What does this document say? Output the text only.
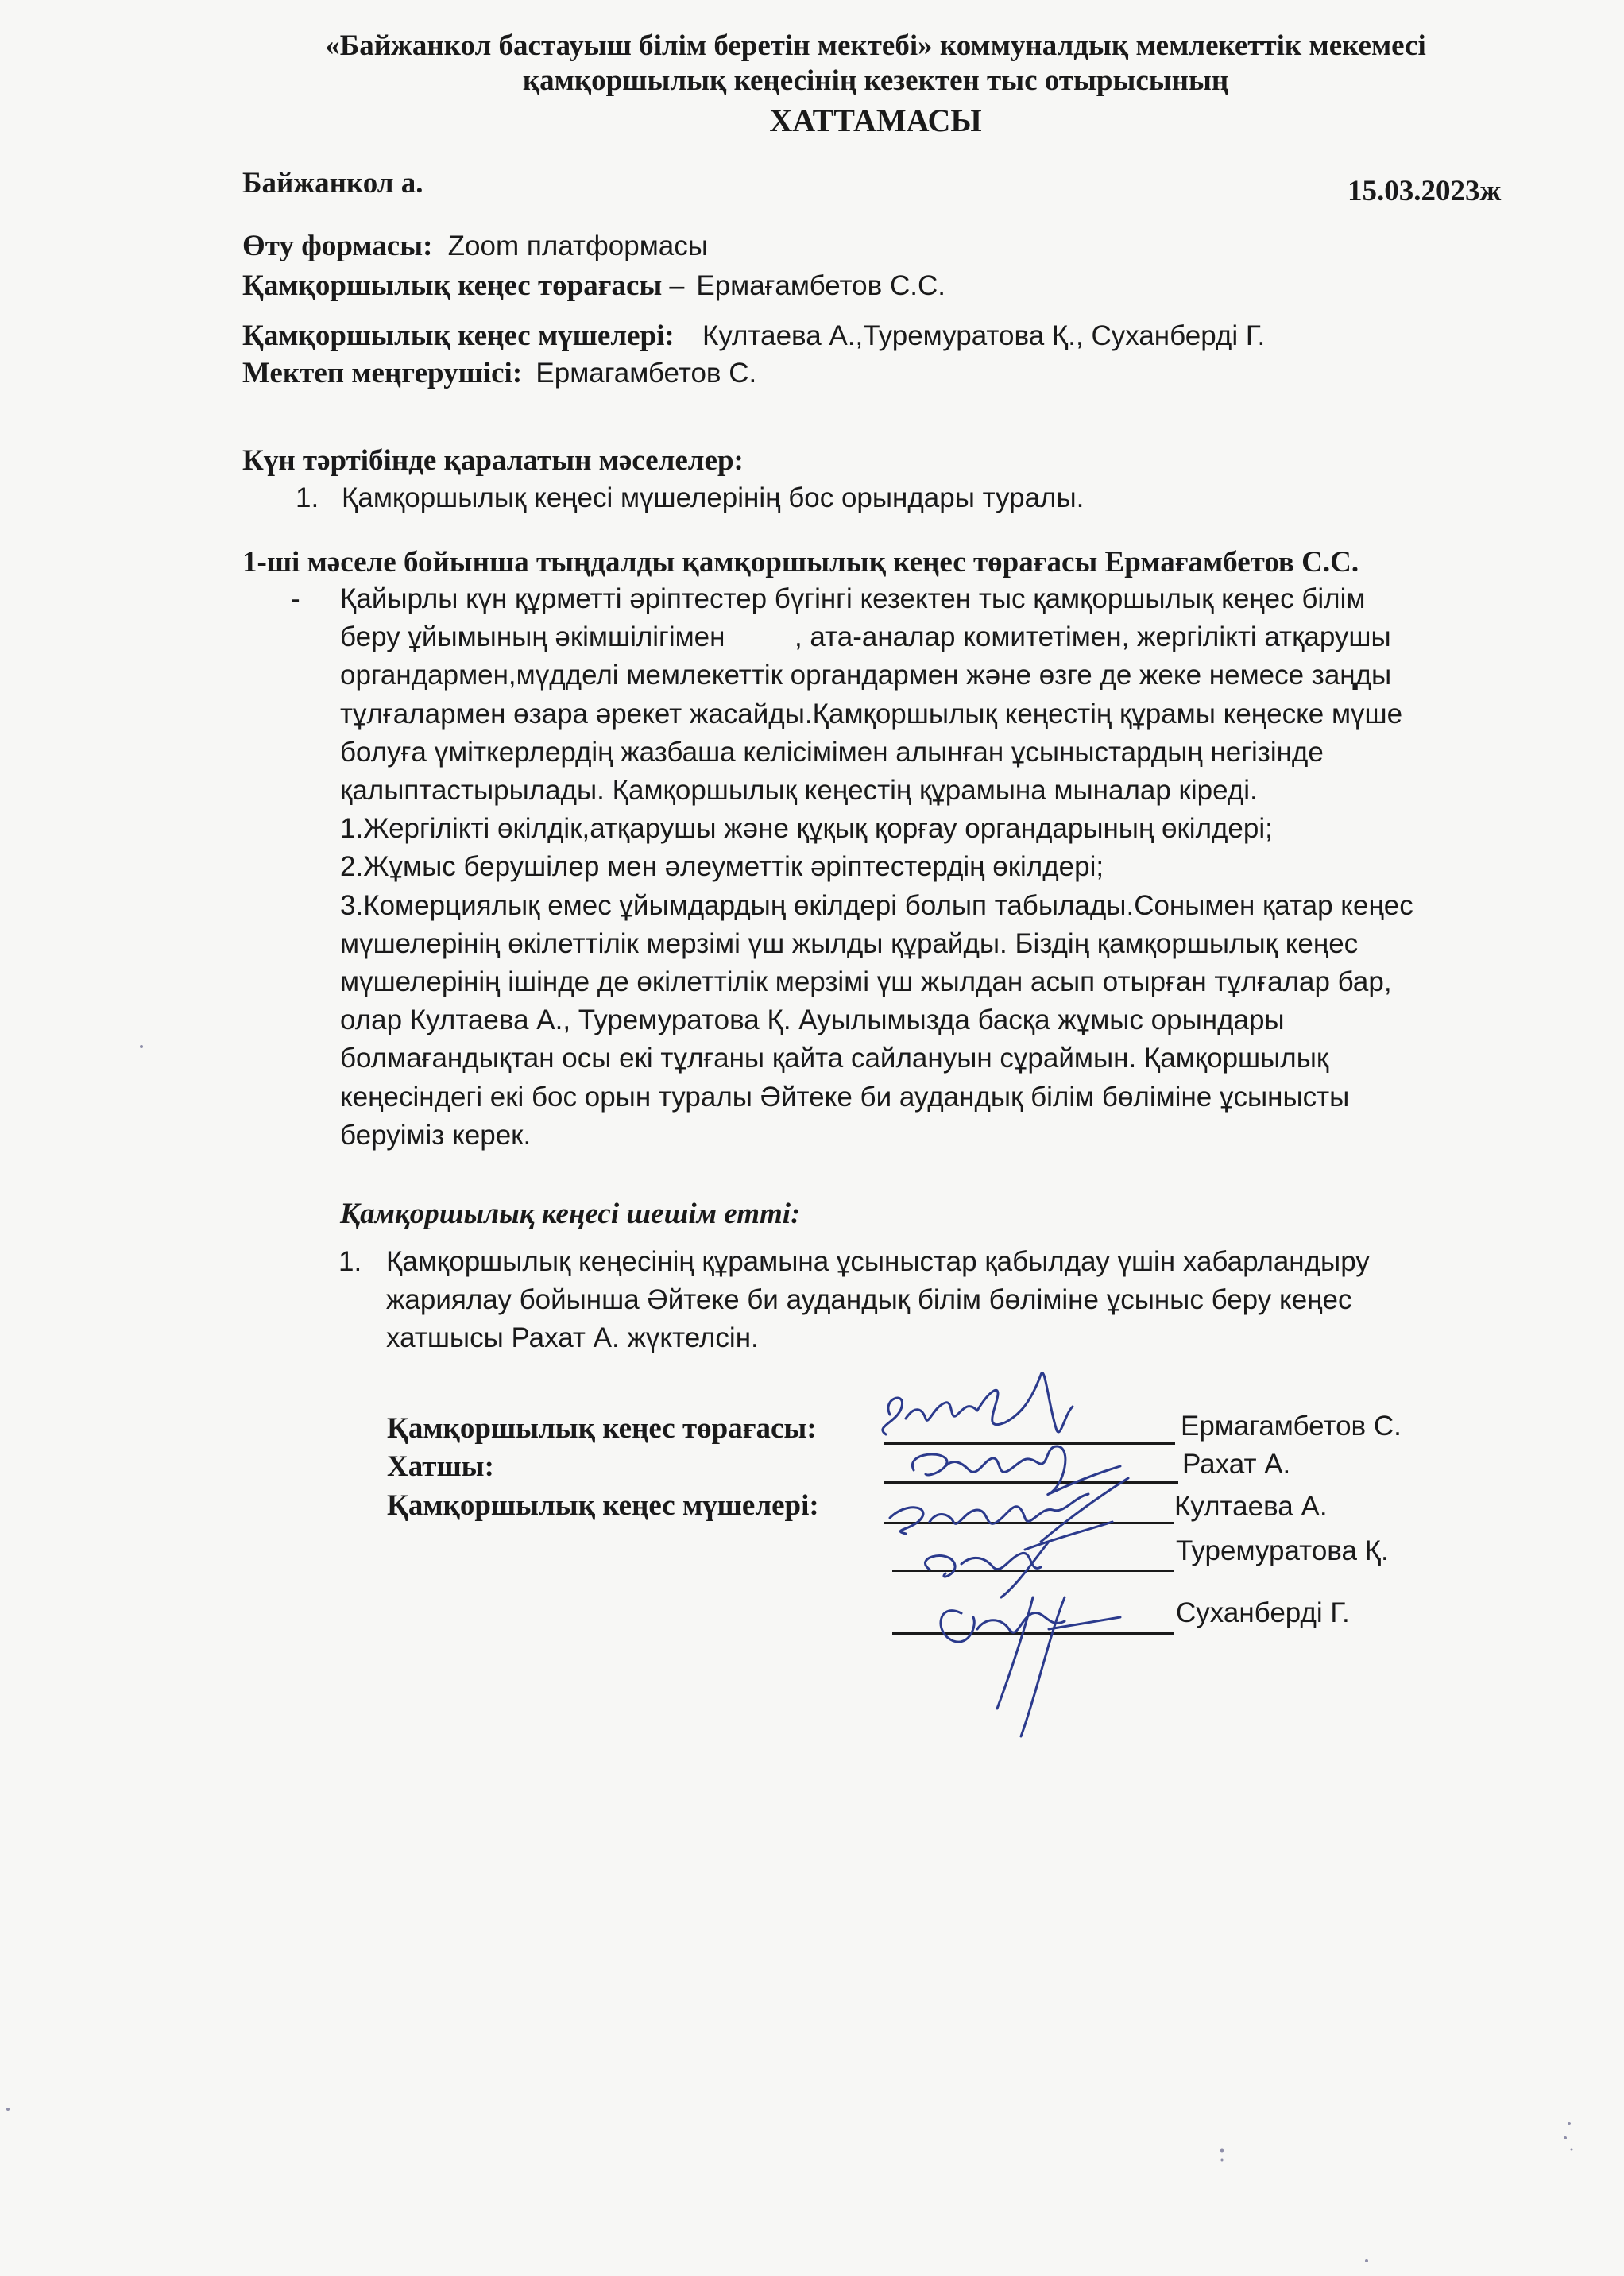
«Байжанкол бастауыш білім беретін мектебі» коммуналдық мемлекеттік мекемесі
қамқоршылық кеңесінің кезектен тыс отырысының
ХАТТАМАСЫ
Байжанкол а.	15.03.2023ж
Өту формасы: Zoom платформасы
Қамқоршылық кеңес төрағасы – Ермағамбетов С.С.
Қамқоршылық кеңес мүшелері: Култаева А.,Туремуратова Қ., Суханберді Г.
Мектеп меңгерушісі: Ермагамбетов С.
Күн тәртібінде қаралатын мәселелер:
1. Қамқоршылық кеңесі мүшелерінің бос орындары туралы.
1-ші мәселе бойынша тыңдалды қамқоршылық кеңес төрағасы Ермағамбетов С.С.
- Қайырлы күн құрметті әріптестер бүгінгі кезектен тыс қамқоршылық кеңес білім
беру ұйымының әкімшілігімен         , ата-аналар комитетімен, жергілікті атқарушы
органдармен,мүдделі мемлекеттік органдармен және өзге де жеке немесе заңды
тұлғалармен өзара әрекет жасайды.Қамқоршылық кеңестің құрамы кеңеске мүше
болуға үміткерлердің жазбаша келісімімен алынған ұсыныстардың негізінде
қалыптастырылады. Қамқоршылық кеңестің құрамына мыналар кіреді.
1.Жергілікті өкілдік,атқарушы және құқық қорғау органдарының өкілдері;
2.Жұмыс берушілер мен әлеуметтік әріптестердің өкілдері;
3.Комерциялық емес ұйымдардың өкілдері болып табылады.Сонымен қатар кеңес
мүшелерінің өкілеттілік мерзімі үш жылды құрайды. Біздің қамқоршылық кеңес
мүшелерінің ішінде де өкілеттілік мерзімі үш жылдан асып отырған тұлғалар бар,
олар Култаева А., Туремуратова Қ. Ауылымызда басқа жұмыс орындары
болмағандықтан осы екі тұлғаны қайта сайлануын сұраймын. Қамқоршылық
кеңесіндегі екі бос орын туралы Әйтеке би аудандық білім бөліміне ұсынысты
беруіміз керек.
Қамқоршылық кеңесі шешім етті:
1. Қамқоршылық кеңесінің құрамына ұсыныстар қабылдау үшін хабарландыру
жариялау бойынша Әйтеке би аудандық білім бөліміне ұсыныс беру кеңес
хатшысы Рахат А. жүктелсін.
Қамқоршылық кеңес төрағасы:	Ермагамбетов С.
Хатшы:	Рахат А.
Қамқоршылық кеңес мүшелері:	Култаева А.
Туремуратова Қ.
Суханберді Г.
